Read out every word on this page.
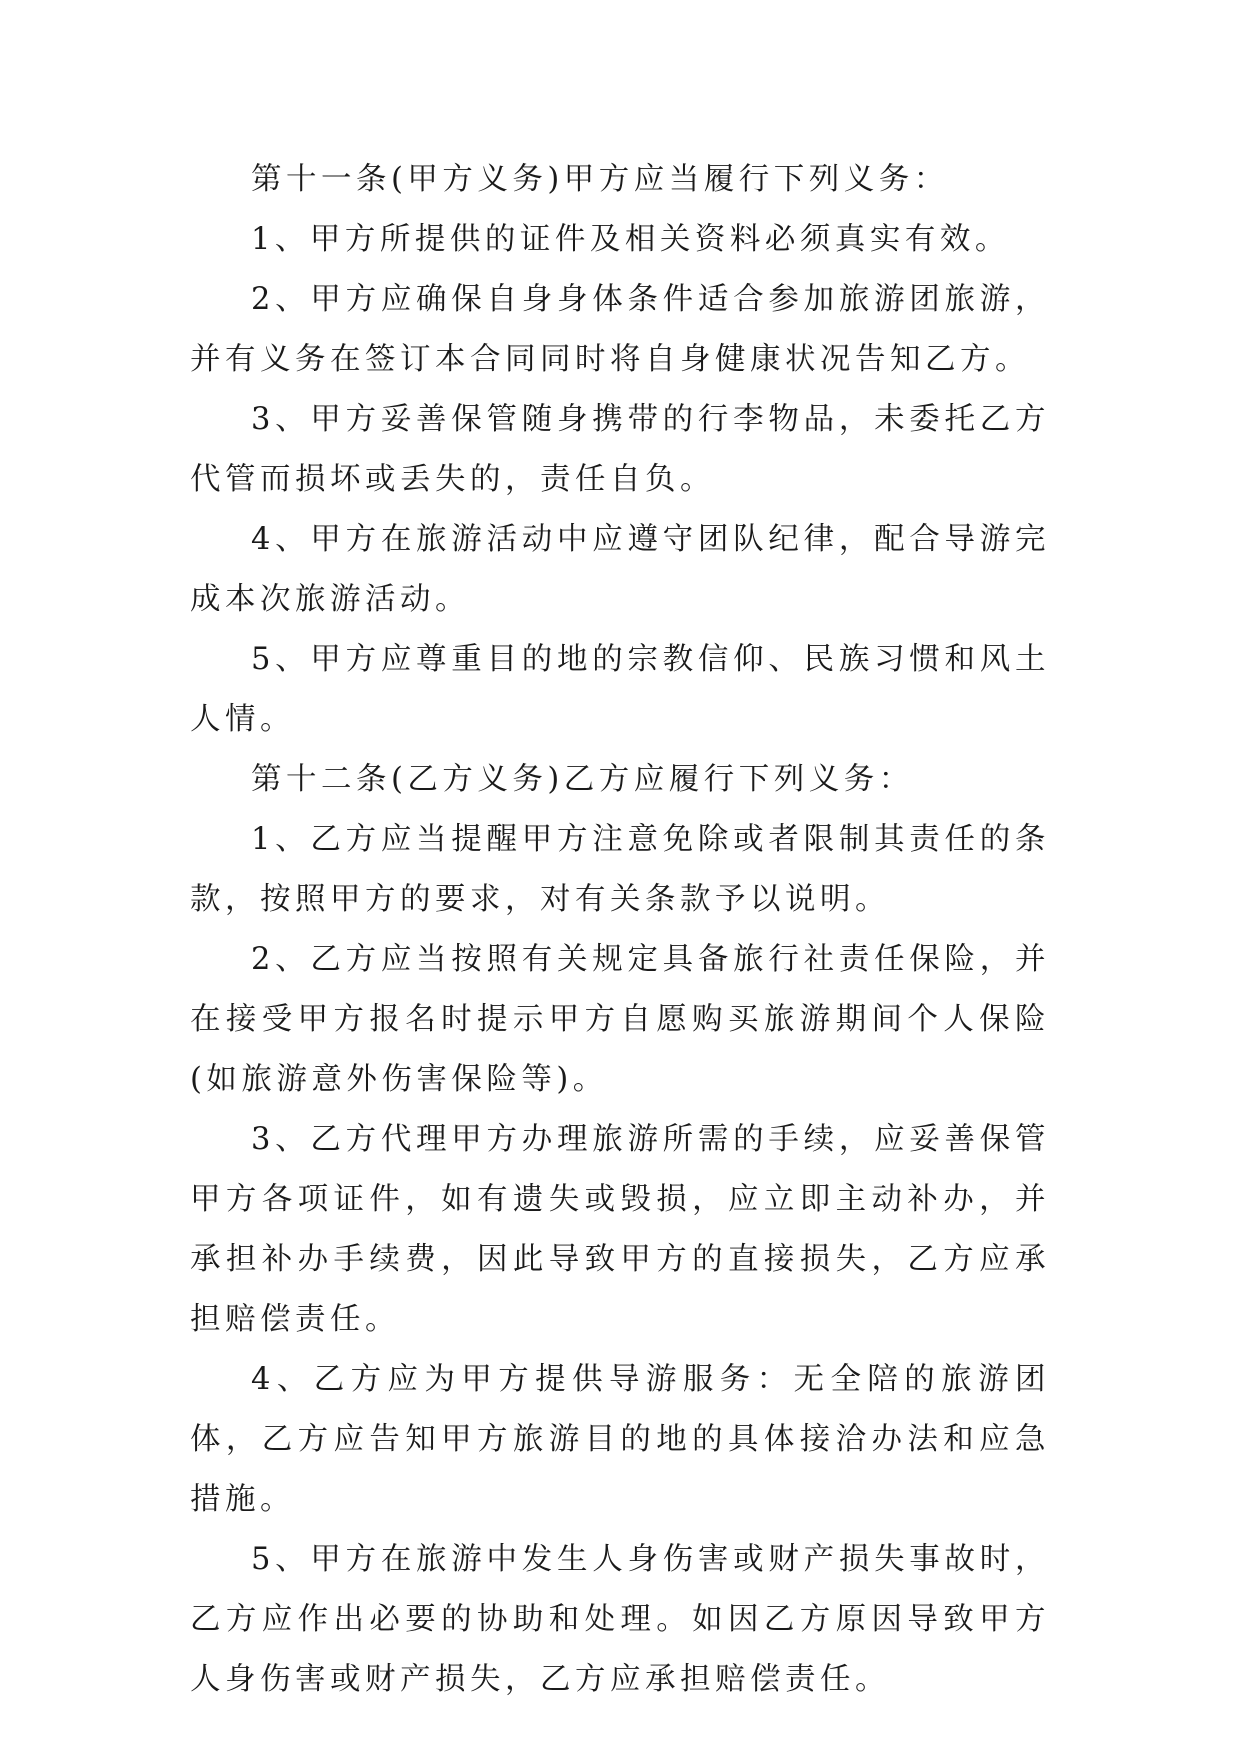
第十一条(甲方义务)甲方应当履行下列义务：

1、甲方所提供的证件及相关资料必须真实有效。

2、甲方应确保自身身体条件适合参加旅游团旅游，并有义务在签订本合同同时将自身健康状况告知乙方。

3、甲方妥善保管随身携带的行李物品，未委托乙方代管而损坏或丢失的，责任自负。

4、甲方在旅游活动中应遵守团队纪律，配合导游完成本次旅游活动。

5、甲方应尊重目的地的宗教信仰、民族习惯和风土人情。

第十二条(乙方义务)乙方应履行下列义务：

1、乙方应当提醒甲方注意免除或者限制其责任的条款，按照甲方的要求，对有关条款予以说明。

2、乙方应当按照有关规定具备旅行社责任保险，并在接受甲方报名时提示甲方自愿购买旅游期间个人保险(如旅游意外伤害保险等)。

3、乙方代理甲方办理旅游所需的手续，应妥善保管甲方各项证件，如有遗失或毁损，应立即主动补办，并承担补办手续费，因此导致甲方的直接损失，乙方应承担赔偿责任。

4、乙方应为甲方提供导游服务：无全陪的旅游团体，乙方应告知甲方旅游目的地的具体接洽办法和应急措施。

5、甲方在旅游中发生人身伤害或财产损失事故时，乙方应作出必要的协助和处理。如因乙方原因导致甲方人身伤害或财产损失，乙方应承担赔偿责任。
